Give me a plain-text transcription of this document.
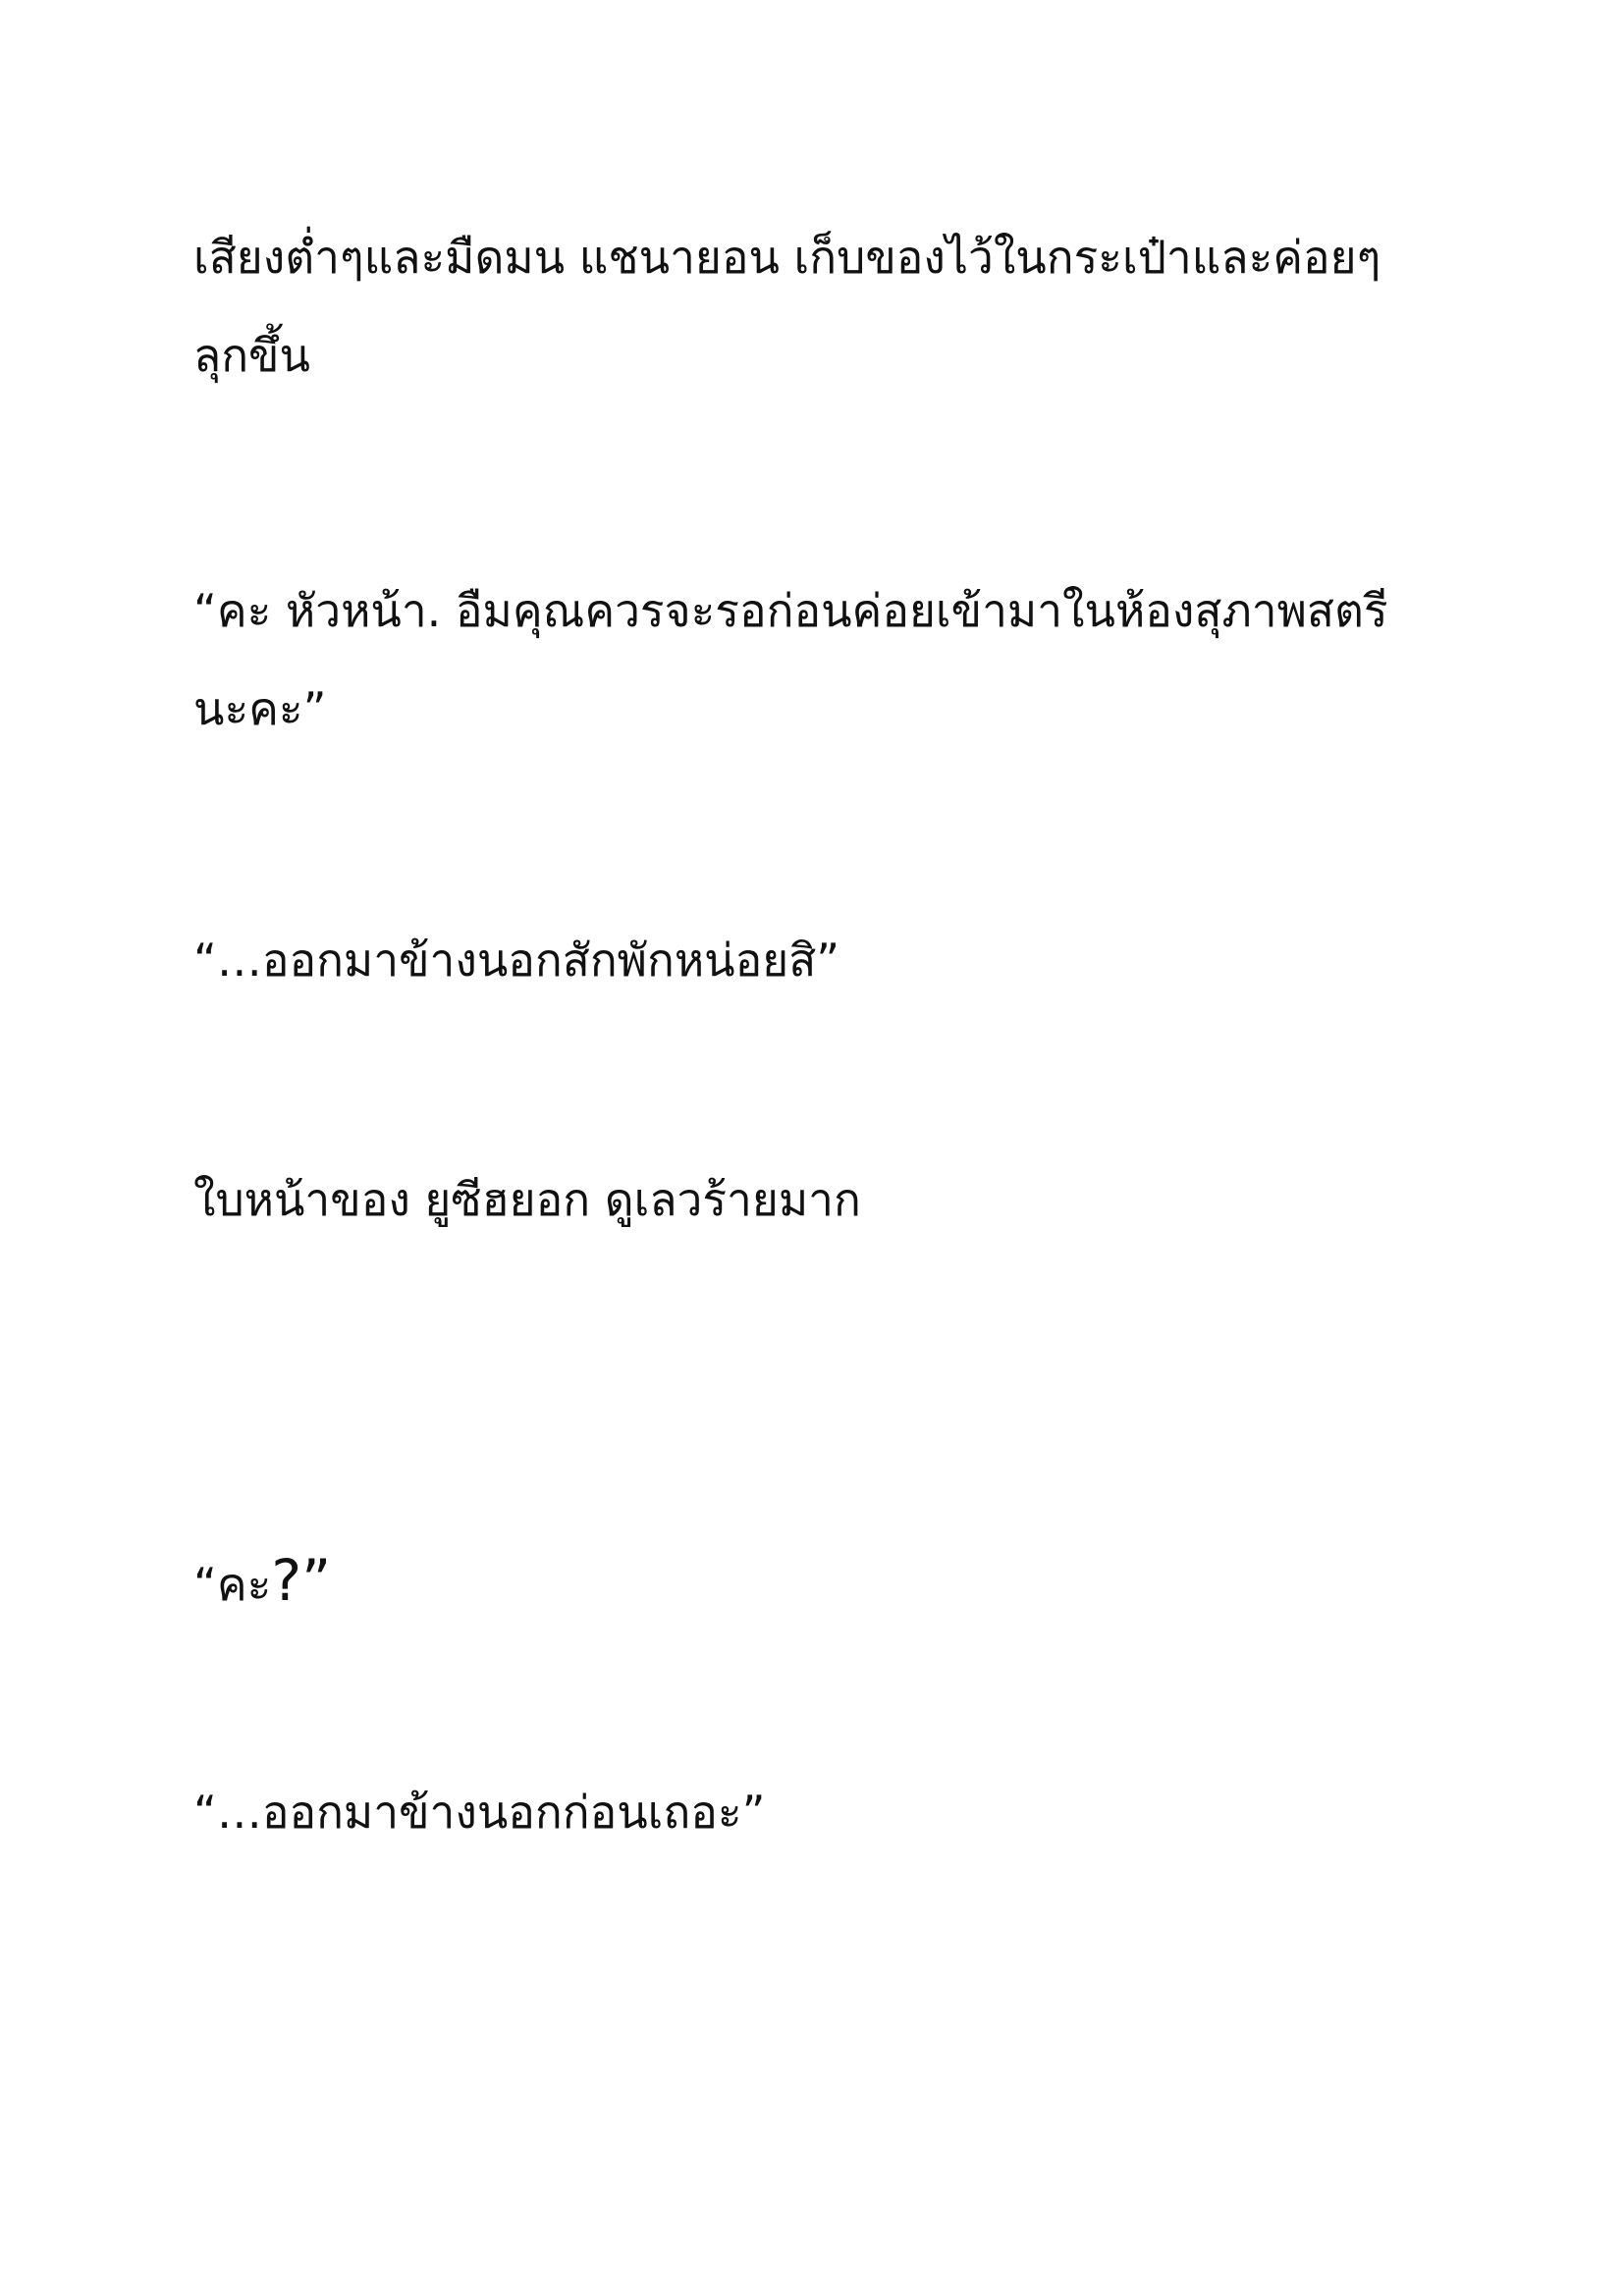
เสียงต่ำๆและมืดมน แชนายอน เก็บของไว้ในกระเป๋าและค่อยๆลุกขึ้น

“คะ หัวหน้า. อืมคุณควรจะรอก่อนค่อยเข้ามาในห้องสุภาพสตรีนะคะ”

“…ออกมาข้างนอกสักพักหน่อยสิ”

ใบหน้าของ ยูซีฮยอก ดูเลวร้ายมาก

“คะ?”

“…ออกมาข้างนอกก่อนเถอะ”
